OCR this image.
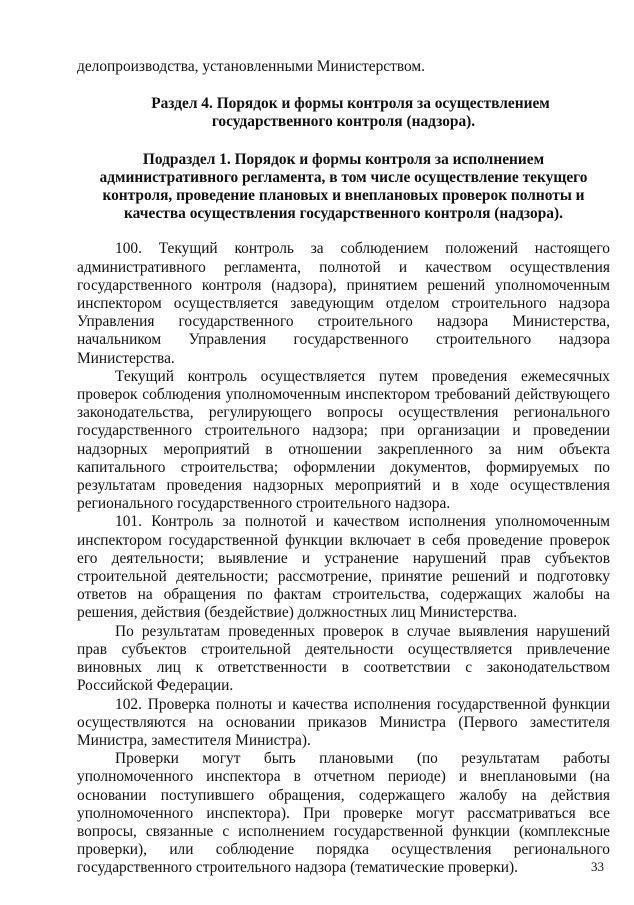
делопроизводства, установленными Министерством.

Раздел 4. Порядок и формы контроля за осуществлением
государственного контроля (надзора).
Подраздел 1. Порядок и формы контроля за исполнением
административного регламента, в том числе осуществление текущего
контроля, проведение плановых и внеплановых проверок полноты и
качества осуществления государственного контроля (надзора).

100. Текущий контроль за соблюдением положений настоящего административного регламента, полнотой и качеством осуществления государственного контроля (надзора), принятием решений уполномоченным инспектором осуществляется заведующим отделом строительного надзора Управления государственного строительного надзора Министерства, начальником Управления государственного строительного надзора Министерства.

Текущий контроль осуществляется путем проведения ежемесячных проверок соблюдения уполномоченным инспектором требований действующего законодательства, регулирующего вопросы осуществления регионального государственного строительного надзора; при организации и проведении надзорных мероприятий в отношении закрепленного за ним объекта капитального строительства; оформлении документов, формируемых по результатам проведения надзорных мероприятий и в ходе осуществления регионального государственного строительного надзора.

101. Контроль за полнотой и качеством исполнения уполномоченным инспектором государственной функции включает в себя проведение проверок его деятельности; выявление и устранение нарушений прав субъектов строительной деятельности; рассмотрение, принятие решений и подготовку ответов на обращения по фактам строительства, содержащих жалобы на решения, действия (бездействие) должностных лиц Министерства.

По результатам проведенных проверок в случае выявления нарушений прав субъектов строительной деятельности осуществляется привлечение виновных лиц к ответственности в соответствии с законодательством Российской Федерации.

102. Проверка полноты и качества исполнения государственной функции осуществляются на основании приказов Министра (Первого заместителя Министра, заместителя Министра).

Проверки могут быть плановыми (по результатам работы уполномоченного инспектора в отчетном периоде) и внеплановыми (на основании поступившего обращения, содержащего жалобу на действия уполномоченного инспектора). При проверке могут рассматриваться все вопросы, связанные с исполнением государственной функции (комплексные проверки), или соблюдение порядка осуществления регионального государственного строительного надзора (тематические проверки).	33
